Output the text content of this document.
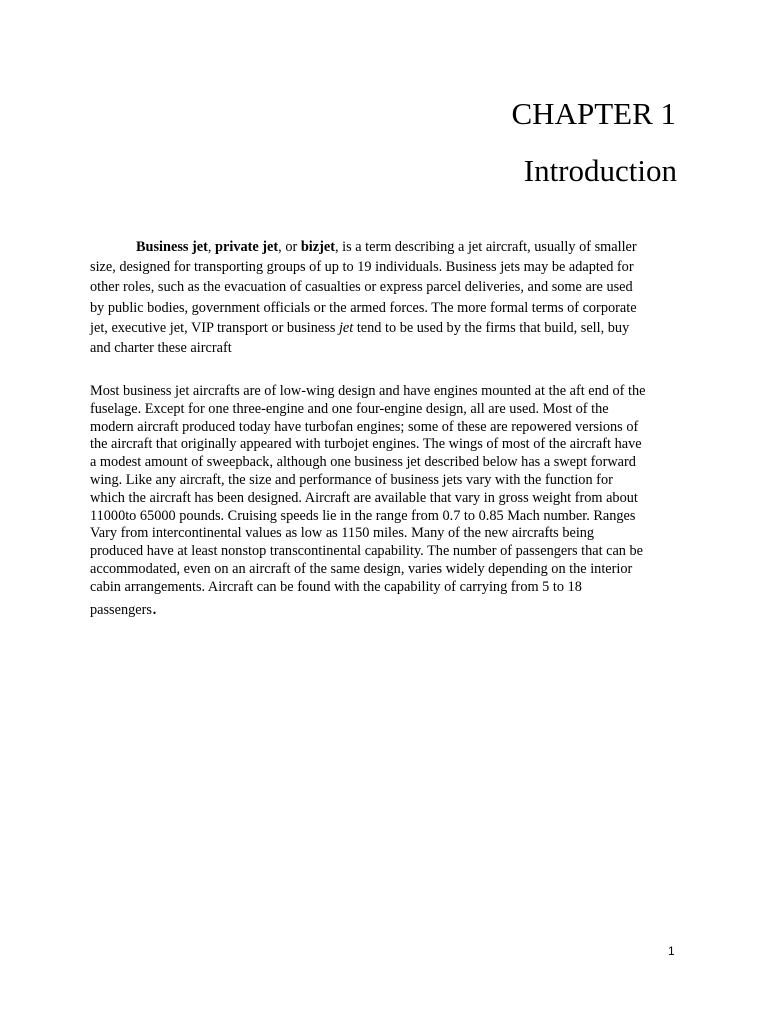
CHAPTER 1
Introduction

Business jet, private jet, or bizjet, is a term describing a jet aircraft, usually of smaller
size, designed for transporting groups of up to 19 individuals. Business jets may be adapted for
other roles, such as the evacuation of casualties or express parcel deliveries, and some are used
by public bodies, government officials or the armed forces. The more formal terms of corporate
jet, executive jet, VIP transport or business jet tend to be used by the firms that build, sell, buy
and charter these aircraft

Most business jet aircrafts are of low-wing design and have engines mounted at the aft end of the
fuselage. Except for one three-engine and one four-engine design, all are used. Most of the
modern aircraft produced today have turbofan engines; some of these are repowered versions of
the aircraft that originally appeared with turbojet engines. The wings of most of the aircraft have
a modest amount of sweepback, although one business jet described below has a swept forward
wing. Like any aircraft, the size and performance of business jets vary with the function for
which the aircraft has been designed. Aircraft are available that vary in gross weight from about
11000to 65000 pounds. Cruising speeds lie in the range from 0.7 to 0.85 Mach number. Ranges
Vary from intercontinental values as low as 1150 miles. Many of the new aircrafts being
produced have at least nonstop transcontinental capability. The number of passengers that can be
accommodated, even on an aircraft of the same design, varies widely depending on the interior
cabin arrangements. Aircraft can be found with the capability of carrying from 5 to 18
passengers.

1
